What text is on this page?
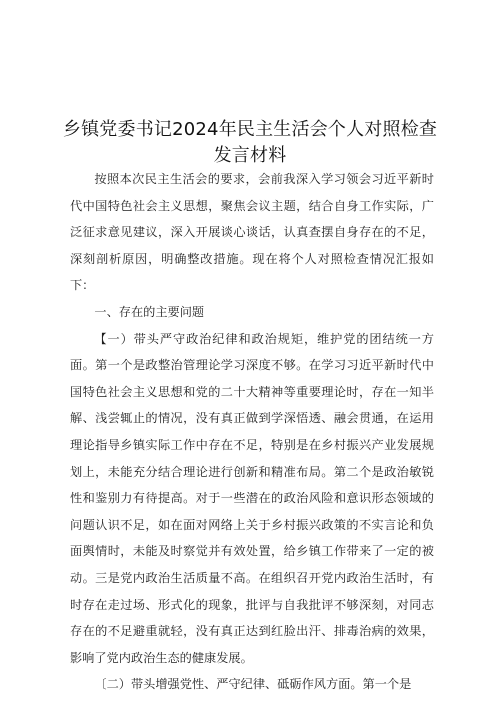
乡镇党委书记2024年民主生活会个人对照检查
发言材料

按照本次民主生活会的要求，会前我深入学习领会习近平新时代中国特色社会主义思想，聚焦会议主题，结合自身工作实际，广泛征求意见建议，深入开展谈心谈话，认真查摆自身存在的不足，深刻剖析原因，明确整改措施。现在将个人对照检查情况汇报如下：

一、存在的主要问题

【一）带头严守政治纪律和政治规矩，维护党的团结统一方面。第一个是政整治管理论学习深度不够。在学习习近平新时代中国特色社会主义思想和党的二十大精神等重要理论时，存在一知半解、浅尝辄止的情况，没有真正做到学深悟透、融会贯通，在运用理论指导乡镇实际工作中存在不足，特别是在乡村振兴产业发展规划上，未能充分结合理论进行创新和精准布局。第二个是政治敏锐性和鉴别力有待提高。对于一些潜在的政治风险和意识形态领域的问题认识不足，如在面对网络上关于乡村振兴政策的不实言论和负面舆情时，未能及时察觉并有效处置，给乡镇工作带来了一定的被动。三是党内政治生活质量不高。在组织召开党内政治生活时，有时存在走过场、形式化的现象，批评与自我批评不够深刻，对同志存在的不足避重就轻，没有真正达到红脸出汗、排毒治病的效果，影响了党内政治生态的健康发展。

〔二）带头增强党性、严守纪律、砥砺作风方面。第一个是
